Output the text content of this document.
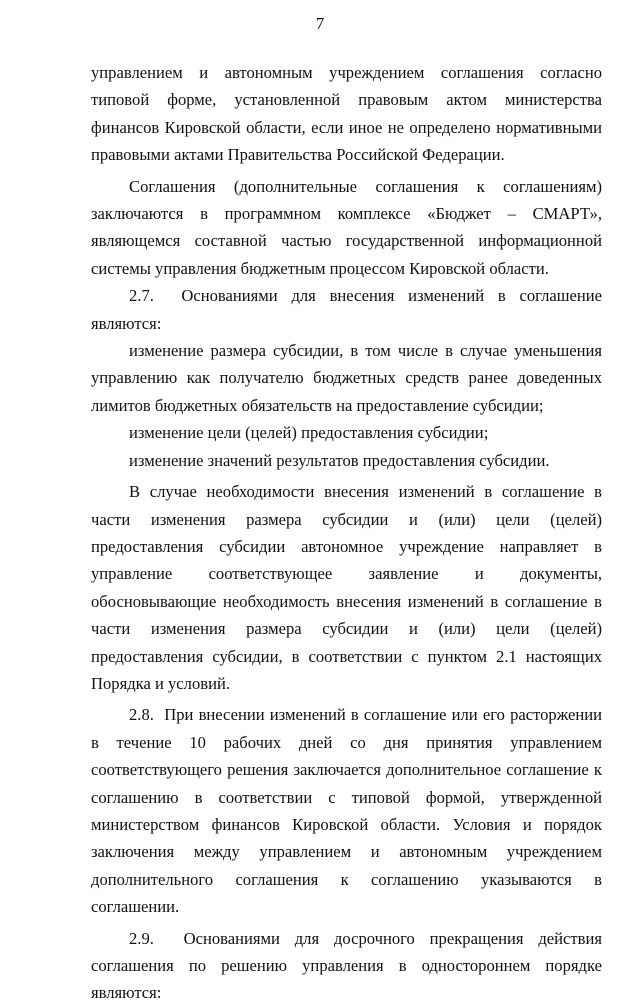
7

управлением и автономным учреждением соглашения согласно типовой форме, установленной правовым актом министерства финансов Кировской области, если иное не определено нормативными правовыми актами Правительства Российской Федерации.

Соглашения (дополнительные соглашения к соглашениям) заключаются в программном комплексе «Бюджет – СМАРТ», являющемся составной частью государственной информационной системы управления бюджетным процессом Кировской области.

2.7.  Основаниями для внесения изменений в соглашение являются:

изменение размера субсидии, в том числе в случае уменьшения управлению как получателю бюджетных средств ранее доведенных лимитов бюджетных обязательств на предоставление субсидии;

изменение цели (целей) предоставления субсидии;

изменение значений результатов предоставления субсидии.

В случае необходимости внесения изменений в соглашение в части изменения размера субсидии и (или) цели (целей) предоставления субсидии автономное учреждение направляет в управление соответствующее заявление и документы, обосновывающие необходимость внесения изменений в соглашение в части изменения размера субсидии и (или) цели (целей) предоставления субсидии, в соответствии с пунктом 2.1 настоящих Порядка и условий.

2.8.  При внесении изменений в соглашение или его расторжении в течение 10 рабочих дней со дня принятия управлением соответствующего решения заключается дополнительное соглашение к соглашению в соответствии с типовой формой, утвержденной министерством финансов Кировской области. Условия и порядок заключения между управлением и автономным учреждением дополнительного соглашения к соглашению указываются в соглашении.

2.9.  Основаниями для досрочного прекращения действия соглашения по решению управления в одностороннем порядке являются:
